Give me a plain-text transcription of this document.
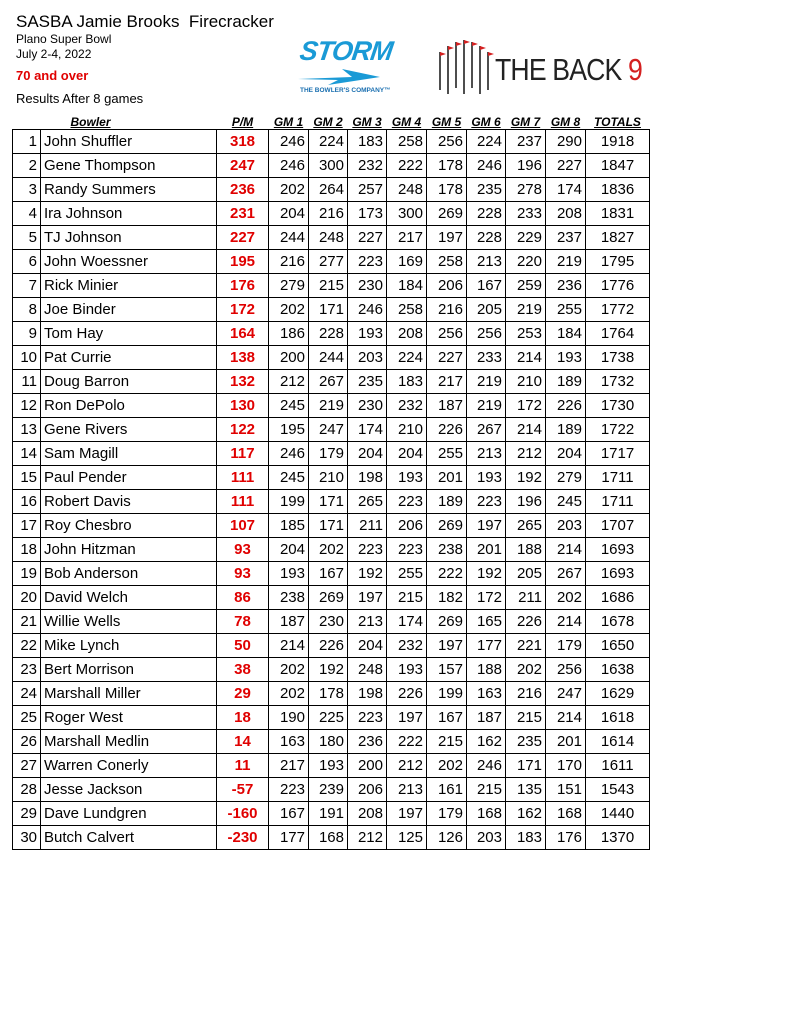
SASBA Jamie Brooks  Firecracker
Plano Super Bowl
July 2-4, 2022
70 and over
Results After 8 games
STORM
THE BOWLER'S COMPANY™
THE BACK 9
	Bowler	P/M	GM 1	GM 2	GM 3	GM 4	GM 5	GM 6	GM 7	GM 8	TOTALS
1	John Shuffler	318	246	224	183	258	256	224	237	290	1918
2	Gene Thompson	247	246	300	232	222	178	246	196	227	1847
3	Randy Summers	236	202	264	257	248	178	235	278	174	1836
4	Ira Johnson	231	204	216	173	300	269	228	233	208	1831
5	TJ Johnson	227	244	248	227	217	197	228	229	237	1827
6	John Woessner	195	216	277	223	169	258	213	220	219	1795
7	Rick Minier	176	279	215	230	184	206	167	259	236	1776
8	Joe Binder	172	202	171	246	258	216	205	219	255	1772
9	Tom Hay	164	186	228	193	208	256	256	253	184	1764
10	Pat Currie	138	200	244	203	224	227	233	214	193	1738
11	Doug Barron	132	212	267	235	183	217	219	210	189	1732
12	Ron DePolo	130	245	219	230	232	187	219	172	226	1730
13	Gene Rivers	122	195	247	174	210	226	267	214	189	1722
14	Sam Magill	117	246	179	204	204	255	213	212	204	1717
15	Paul Pender	111	245	210	198	193	201	193	192	279	1711
16	Robert Davis	111	199	171	265	223	189	223	196	245	1711
17	Roy Chesbro	107	185	171	211	206	269	197	265	203	1707
18	John Hitzman	93	204	202	223	223	238	201	188	214	1693
19	Bob Anderson	93	193	167	192	255	222	192	205	267	1693
20	David Welch	86	238	269	197	215	182	172	211	202	1686
21	Willie Wells	78	187	230	213	174	269	165	226	214	1678
22	Mike Lynch	50	214	226	204	232	197	177	221	179	1650
23	Bert Morrison	38	202	192	248	193	157	188	202	256	1638
24	Marshall Miller	29	202	178	198	226	199	163	216	247	1629
25	Roger West	18	190	225	223	197	167	187	215	214	1618
26	Marshall Medlin	14	163	180	236	222	215	162	235	201	1614
27	Warren Conerly	11	217	193	200	212	202	246	171	170	1611
28	Jesse Jackson	-57	223	239	206	213	161	215	135	151	1543
29	Dave Lundgren	-160	167	191	208	197	179	168	162	168	1440
30	Butch Calvert	-230	177	168	212	125	126	203	183	176	1370
